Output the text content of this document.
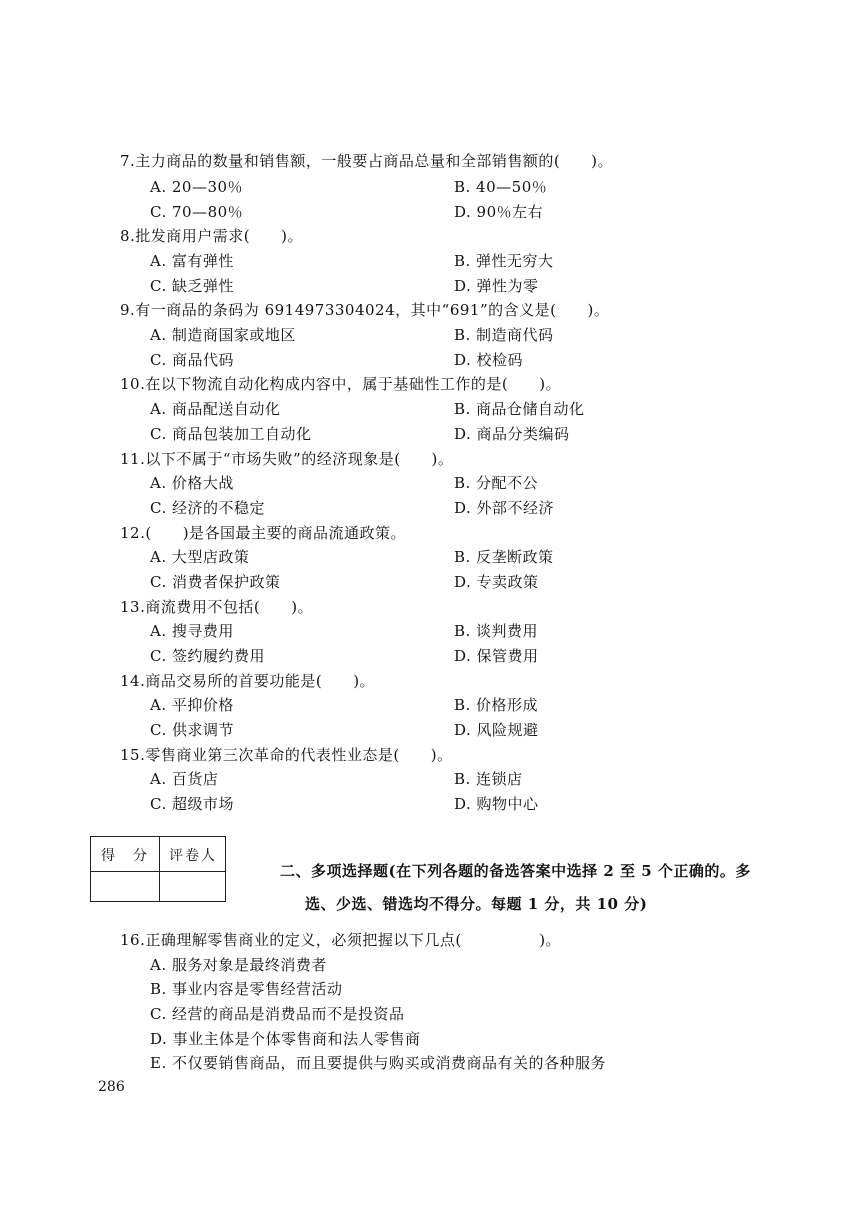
7.主力商品的数量和销售额，一般要占商品总量和全部销售额的(　　)。
A. 20—30％	B. 40—50％
C. 70—80％	D. 90％左右
8.批发商用户需求(　　)。
A. 富有弹性	B. 弹性无穷大
C. 缺乏弹性	D. 弹性为零
9.有一商品的条码为 6914973304024，其中“691”的含义是(　　)。
A. 制造商国家或地区	B. 制造商代码
C. 商品代码	D. 校检码
10.在以下物流自动化构成内容中，属于基础性工作的是(　　)。
A. 商品配送自动化	B. 商品仓储自动化
C. 商品包装加工自动化	D. 商品分类编码
11.以下不属于“市场失败”的经济现象是(　　)。
A. 价格大战	B. 分配不公
C. 经济的不稳定	D. 外部不经济
12.(　　)是各国最主要的商品流通政策。
A. 大型店政策	B. 反垄断政策
C. 消费者保护政策	D. 专卖政策
13.商流费用不包括(　　)。
A. 搜寻费用	B. 谈判费用
C. 签约履约费用	D. 保管费用
14.商品交易所的首要功能是(　　)。
A. 平抑价格	B. 价格形成
C. 供求调节	D. 风险规避
15.零售商业第三次革命的代表性业态是(　　)。
A. 百货店	B. 连锁店
C. 超级市场	D. 购物中心
得　分	评卷人
二、多项选择题(在下列各题的备选答案中选择 2 至 5 个正确的。多
选、少选、错选均不得分。每题 1 分，共 10 分)
16.正确理解零售商业的定义，必须把握以下几点(　　　　　)。
A. 服务对象是最终消费者
B. 事业内容是零售经营活动
C. 经营的商品是消费品而不是投资品
D. 事业主体是个体零售商和法人零售商
E. 不仅要销售商品，而且要提供与购买或消费商品有关的各种服务
286
